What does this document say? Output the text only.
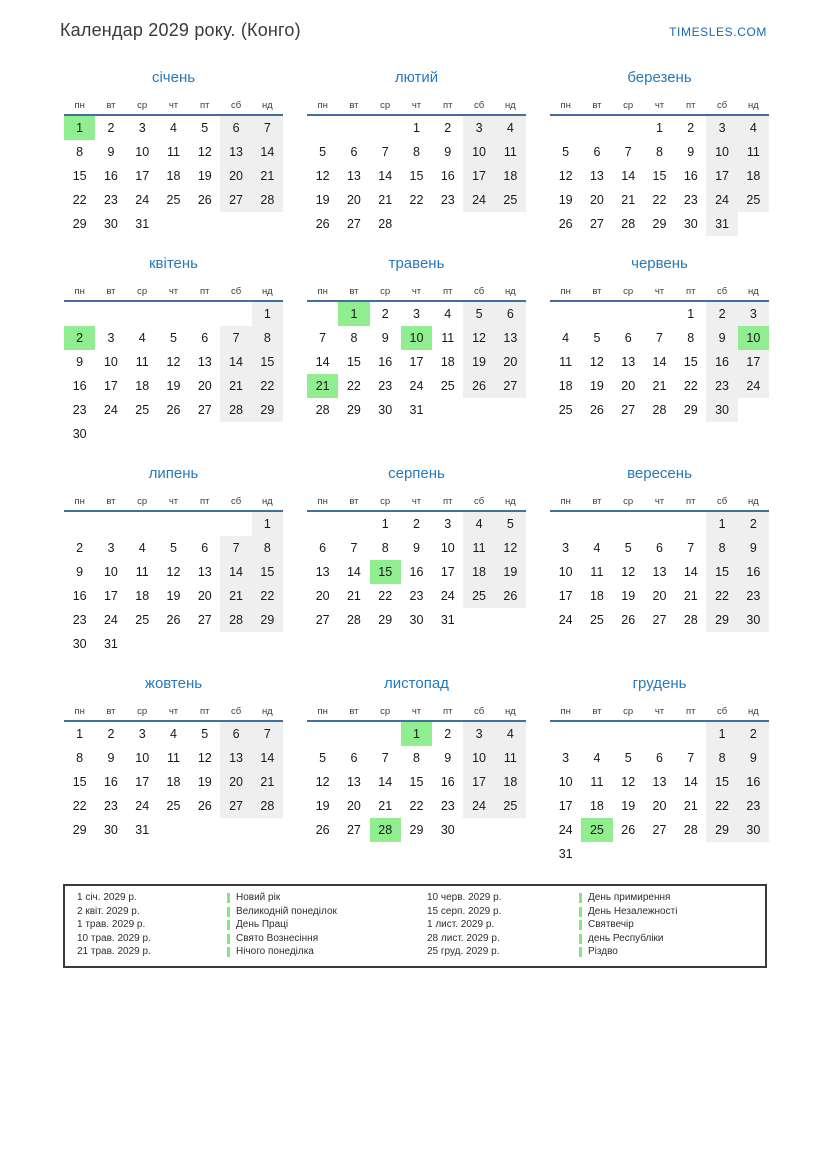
Календар 2029 року. (Конго)	TIMESLES.COM
січень
пн	вт	ср	чт	пт	сб	нд
1	2	3	4	5	6	7
8	9	10	11	12	13	14
15	16	17	18	19	20	21
22	23	24	25	26	27	28
29	30	31				
лютий
пн	вт	ср	чт	пт	сб	нд
			1	2	3	4
5	6	7	8	9	10	11
12	13	14	15	16	17	18
19	20	21	22	23	24	25
26	27	28				
березень
пн	вт	ср	чт	пт	сб	нд
			1	2	3	4
5	6	7	8	9	10	11
12	13	14	15	16	17	18
19	20	21	22	23	24	25
26	27	28	29	30	31	
квітень
пн	вт	ср	чт	пт	сб	нд
						1
2	3	4	5	6	7	8
9	10	11	12	13	14	15
16	17	18	19	20	21	22
23	24	25	26	27	28	29
30						
травень
пн	вт	ср	чт	пт	сб	нд
	1	2	3	4	5	6
7	8	9	10	11	12	13
14	15	16	17	18	19	20
21	22	23	24	25	26	27
28	29	30	31			
червень
пн	вт	ср	чт	пт	сб	нд
				1	2	3
4	5	6	7	8	9	10
11	12	13	14	15	16	17
18	19	20	21	22	23	24
25	26	27	28	29	30	
липень
пн	вт	ср	чт	пт	сб	нд
						1
2	3	4	5	6	7	8
9	10	11	12	13	14	15
16	17	18	19	20	21	22
23	24	25	26	27	28	29
30	31					
серпень
пн	вт	ср	чт	пт	сб	нд
		1	2	3	4	5
6	7	8	9	10	11	12
13	14	15	16	17	18	19
20	21	22	23	24	25	26
27	28	29	30	31		
вересень
пн	вт	ср	чт	пт	сб	нд
					1	2
3	4	5	6	7	8	9
10	11	12	13	14	15	16
17	18	19	20	21	22	23
24	25	26	27	28	29	30
жовтень
пн	вт	ср	чт	пт	сб	нд
1	2	3	4	5	6	7
8	9	10	11	12	13	14
15	16	17	18	19	20	21
22	23	24	25	26	27	28
29	30	31				
листопад
пн	вт	ср	чт	пт	сб	нд
			1	2	3	4
5	6	7	8	9	10	11
12	13	14	15	16	17	18
19	20	21	22	23	24	25
26	27	28	29	30		
грудень
пн	вт	ср	чт	пт	сб	нд
					1	2
3	4	5	6	7	8	9
10	11	12	13	14	15	16
17	18	19	20	21	22	23
24	25	26	27	28	29	30
31						
1 січ. 2029 р.	Новий рік	10 черв. 2029 р.	День примирення
2 квіт. 2029 р.	Великодній понеділок	15 серп. 2029 р.	День Незалежності
1 трав. 2029 р.	День Праці	1 лист. 2029 р.	Святвечір
10 трав. 2029 р.	Свято Вознесіння	28 лист. 2029 р.	день Республіки
21 трав. 2029 р.	Нічого понеділка	25 груд. 2029 р.	Різдво
